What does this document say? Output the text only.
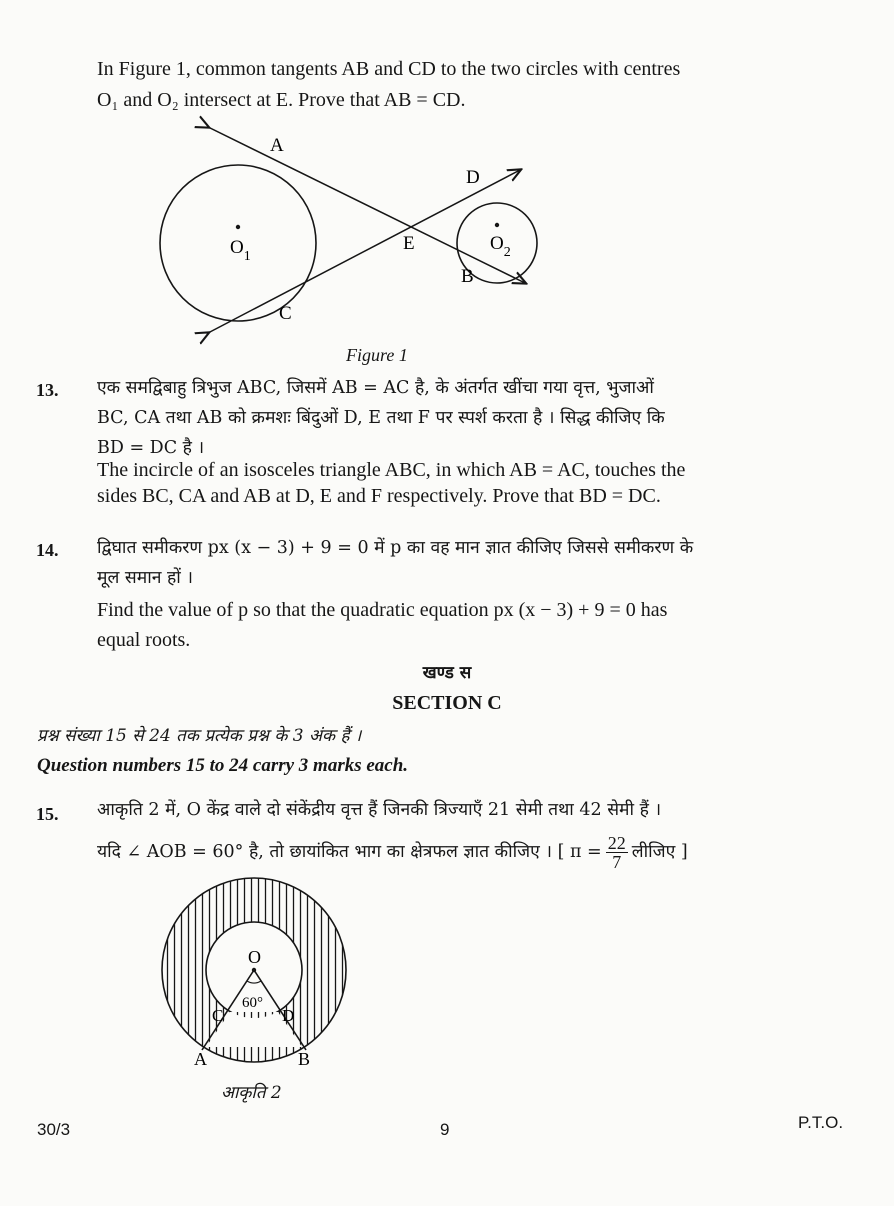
In Figure 1, common tangents AB and CD to the two circles with centres
O₁ and O₂ intersect at E. Prove that AB = CD.
A
C
D
B
E
$O_1$
$O_2$
Figure 1
13. एक समद्विबाहु त्रिभुज ABC, जिसमें AB = AC है, के अंतर्गत खींचा गया वृत्त, भुजाओं
BC, CA तथा AB को क्रमशः बिंदुओं D, E तथा F पर स्पर्श करता है । सिद्ध कीजिए कि
BD = DC है ।
The incircle of an isosceles triangle ABC, in which AB = AC, touches the
sides BC, CA and AB at D, E and F respectively. Prove that BD = DC.
14. द्विघात समीकरण px (x − 3) + 9 = 0 में p का वह मान ज्ञात कीजिए जिससे समीकरण के
मूल समान हों ।
Find the value of p so that the quadratic equation px (x − 3) + 9 = 0 has
equal roots.
खण्ड स
SECTION C
प्रश्न संख्या 15 से 24 तक प्रत्येक प्रश्न के 3 अंक हैं ।
Question numbers 15 to 24 carry 3 marks each.
15. आकृति 2 में, O केंद्र वाले दो संकेंद्रीय वृत्त हैं जिनकी त्रिज्याएँ 21 सेमी तथा 42 सेमी हैं ।
यदि ∠ AOB = 60° है, तो छायांकित भाग का क्षेत्रफल ज्ञात कीजिए । [ $\pi = \frac{22}{7}$ लीजिए ]
O
60°
C	D
A	B
आकृति 2
30/3	9	P.T.O.
